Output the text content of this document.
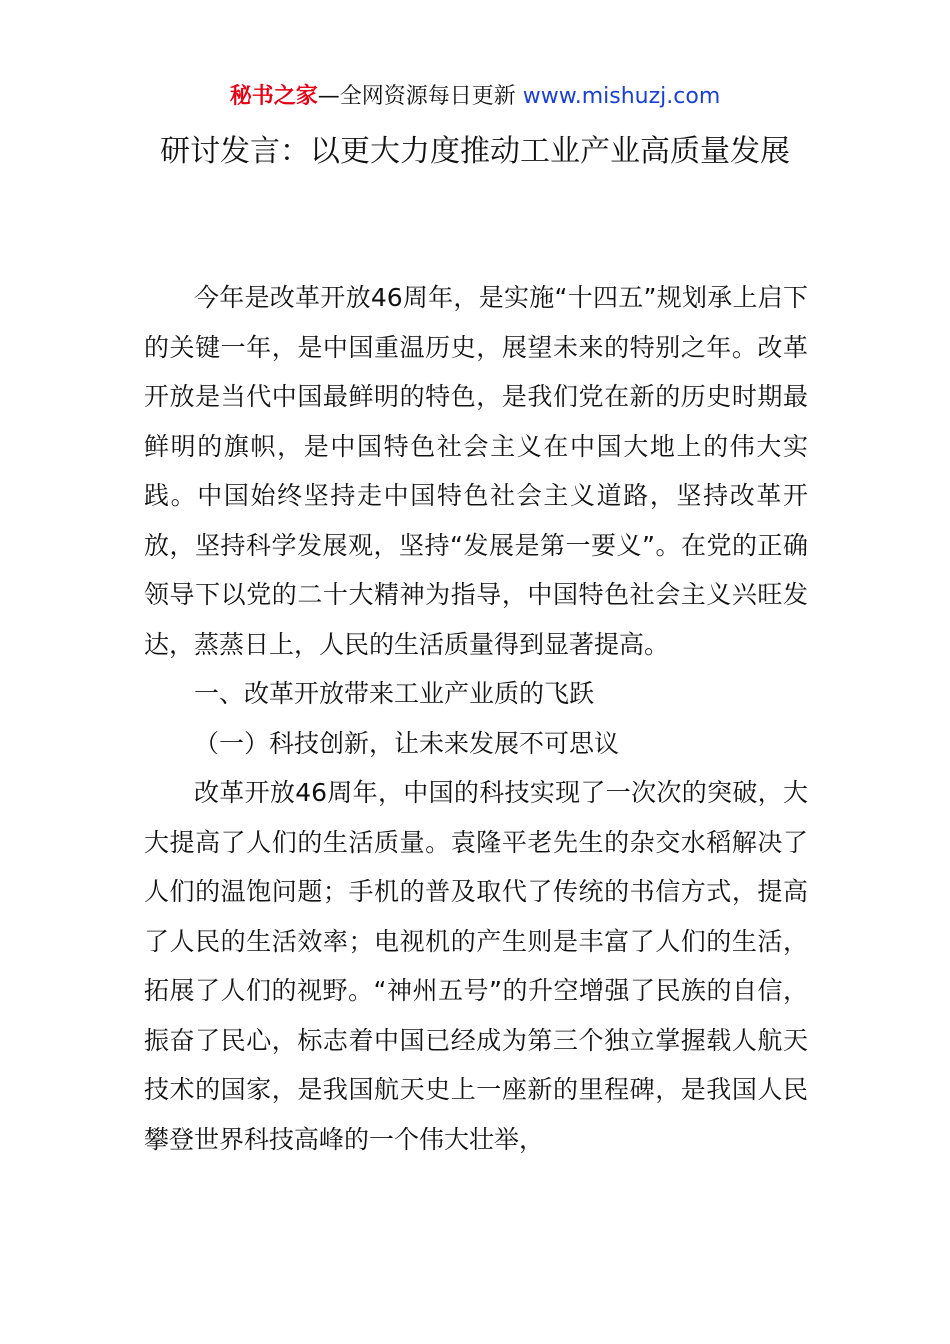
秘书之家—全网资源每日更新 www.mishuzj.com
研讨发言：以更大力度推动工业产业高质量发展

今年是改革开放46周年，是实施“十四五”规划承上启下的关键一年，是中国重温历史，展望未来的特别之年。改革开放是当代中国最鲜明的特色，是我们党在新的历史时期最鲜明的旗帜，是中国特色社会主义在中国大地上的伟大实践。中国始终坚持走中国特色社会主义道路，坚持改革开放，坚持科学发展观，坚持“发展是第一要义”。在党的正确领导下以党的二十大精神为指导，中国特色社会主义兴旺发达，蒸蒸日上，人民的生活质量得到显著提高。

一、改革开放带来工业产业质的飞跃

（一）科技创新，让未来发展不可思议

改革开放46周年，中国的科技实现了一次次的突破，大大提高了人们的生活质量。袁隆平老先生的杂交水稻解决了人们的温饱问题；手机的普及取代了传统的书信方式，提高了人民的生活效率；电视机的产生则是丰富了人们的生活，拓展了人们的视野。“神州五号”的升空增强了民族的自信，振奋了民心，标志着中国已经成为第三个独立掌握载人航天技术的国家，是我国航天史上一座新的里程碑，是我国人民攀登世界科技高峰的一个伟大壮举，
